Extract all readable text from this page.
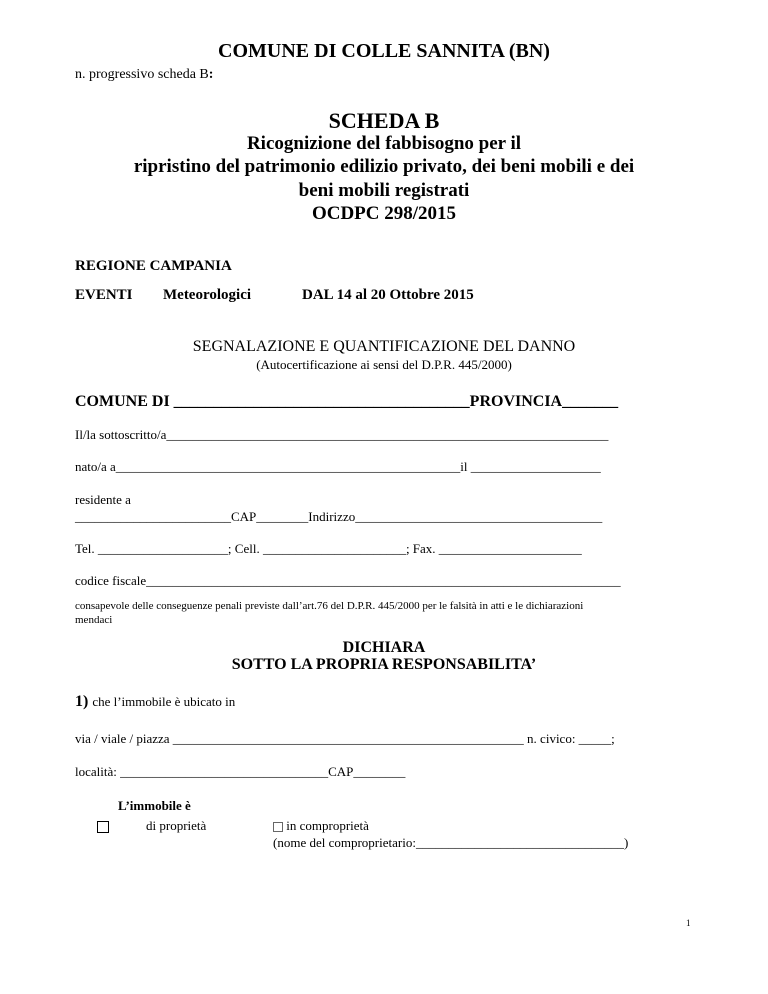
COMUNE DI COLLE SANNITA (BN)
n. progressivo scheda B:
SCHEDA B
Ricognizione del fabbisogno per il
ripristino del patrimonio edilizio privato, dei beni mobili e dei
beni mobili registrati
OCDPC 298/2015
REGIONE CAMPANIA
EVENTI Meteorologici	DAL 14 al 20 Ottobre 2015
SEGNALAZIONE E QUANTIFICAZIONE DEL DANNO
(Autocertificazione ai sensi del D.P.R. 445/2000)
COMUNE DI _____________________________________PROVINCIA_______
Il/la sottoscritto/a____________________________________________________________________
nato/a a_____________________________________________________il ____________________
residente a
________________________CAP________Indirizzo______________________________________
Tel. ____________________; Cell. ______________________; Fax. ______________________
codice fiscale_________________________________________________________________________
consapevole delle conseguenze penali previste dall’art.76 del D.P.R. 445/2000 per le falsità in atti e le dichiarazioni
mendaci
DICHIARA
SOTTO LA PROPRIA RESPONSABILITA’
1) che l’immobile è ubicato in
via / viale / piazza ______________________________________________________ n. civico: _____;
località: ________________________________CAP________
L’immobile è
di proprietà	in comproprietà
(nome del comproprietario:________________________________)
1
